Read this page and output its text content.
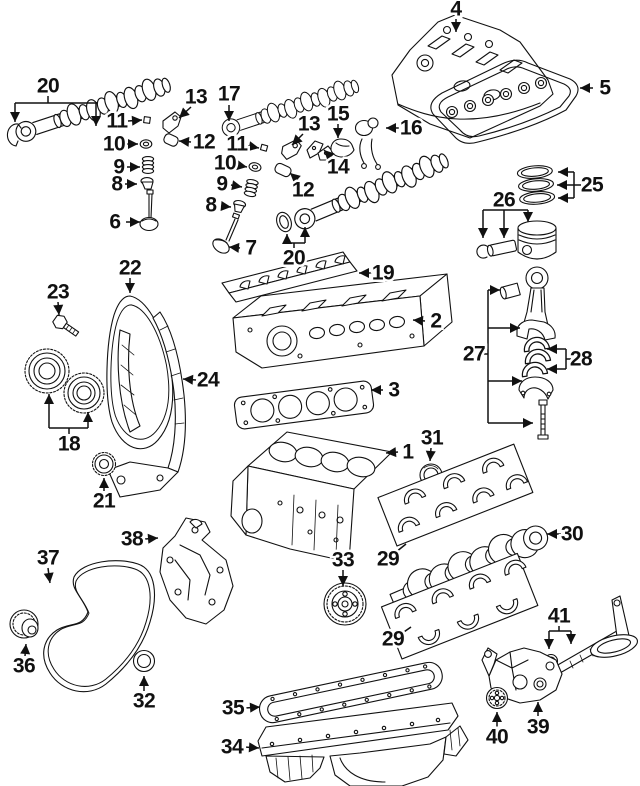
20
11
10
9
8
6
13
12
17
13
11
10
9
8
7
12
15
14
16
20
4
5
25
26
27	28
19
2
3
22
23
24
18
21
1
31
33 29
30
29
41
39
40
37
38
36
32	35
34
